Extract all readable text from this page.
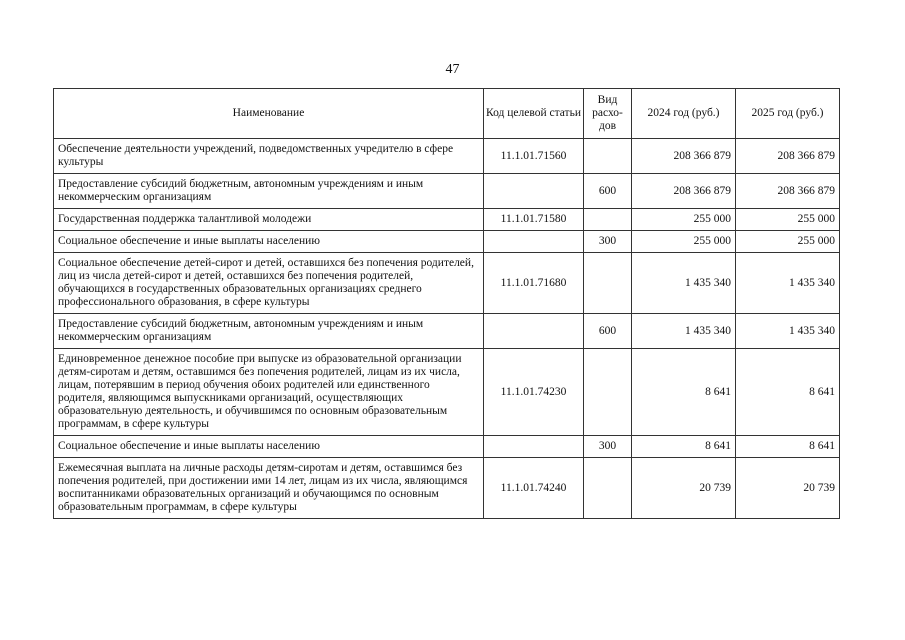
47
Наименование	Код целевой статьи	Вид расхо-дов	2024 год (руб.)	2025 год (руб.)
Обеспечение деятельности учреждений, подведомственных учредителю в сфере культуры	11.1.01.71560		208 366 879	208 366 879
Предоставление субсидий бюджетным, автономным учреждениям и иным некоммерческим организациям		600	208 366 879	208 366 879
Государственная поддержка талантливой молодежи	11.1.01.71580		255 000	255 000
Социальное обеспечение и иные выплаты населению		300	255 000	255 000
Социальное обеспечение детей-сирот и детей, оставшихся без попечения родителей, лиц из числа детей-сирот и детей, оставшихся без попечения родителей, обучающихся в государственных образовательных организациях среднего профессионального образования, в сфере культуры	11.1.01.71680		1 435 340	1 435 340
Предоставление субсидий бюджетным, автономным учреждениям и иным некоммерческим организациям		600	1 435 340	1 435 340
Единовременное денежное пособие при выпуске из образовательной организации детям-сиротам и детям, оставшимся без попечения родителей, лицам из их числа, лицам, потерявшим в период обучения обоих родителей или единственного родителя, являющимся выпускниками организаций, осуществляющих образовательную деятельность, и обучившимся по основным образовательным программам, в сфере культуры	11.1.01.74230		8 641	8 641
Социальное обеспечение и иные выплаты населению		300	8 641	8 641
Ежемесячная выплата на личные расходы детям-сиротам и детям, оставшимся без попечения родителей, при достижении ими 14 лет, лицам из их числа, являющимся воспитанниками образовательных организаций и обучающимся по основным образовательным программам, в сфере культуры	11.1.01.74240		20 739	20 739
